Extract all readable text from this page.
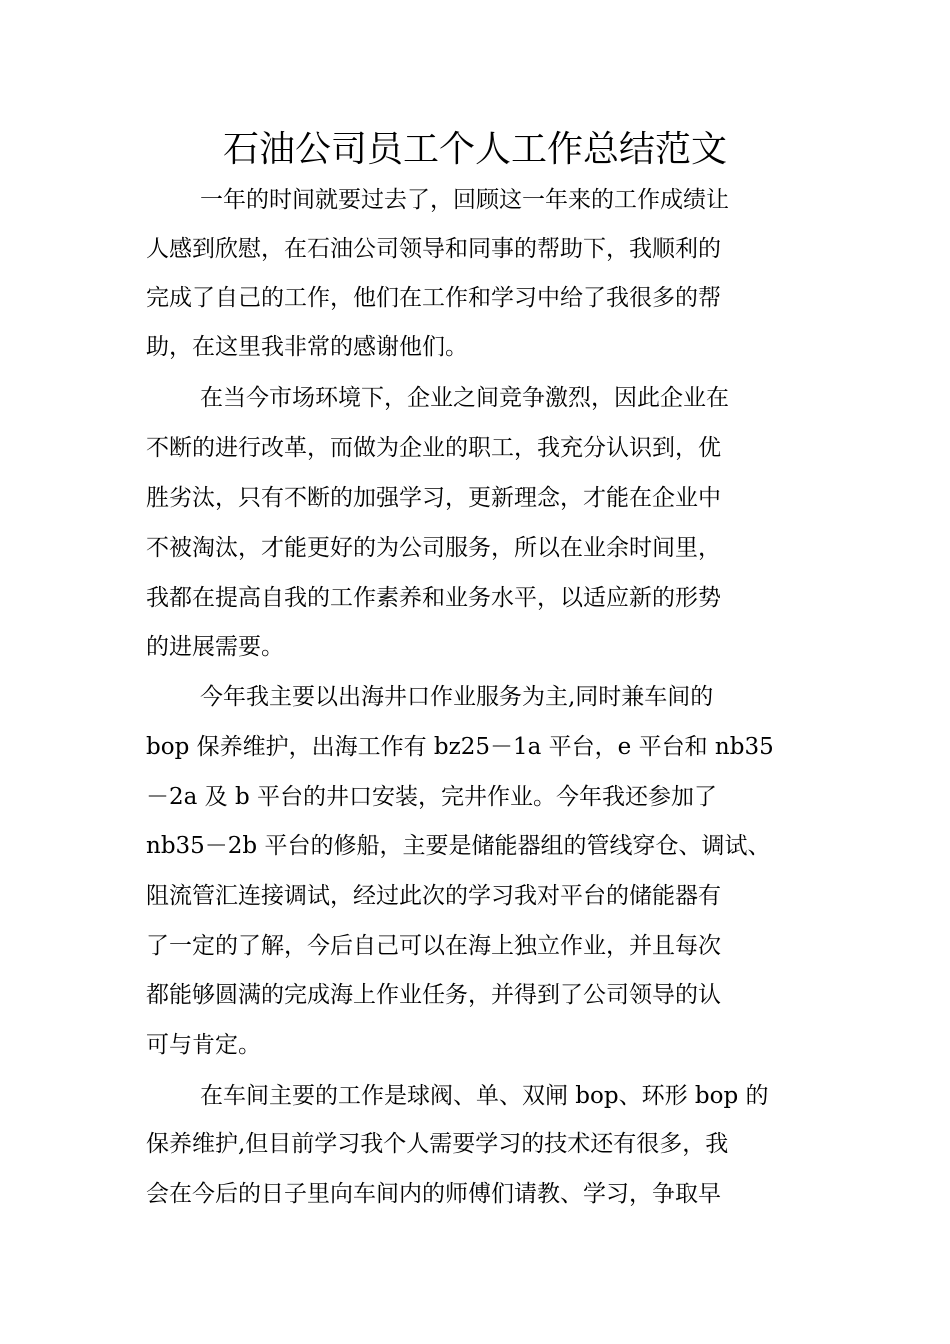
石油公司员工个人工作总结范文

一年的时间就要过去了，回顾这一年来的工作成绩让

人感到欣慰，在石油公司领导和同事的帮助下，我顺利的

完成了自己的工作，他们在工作和学习中给了我很多的帮

助，在这里我非常的感谢他们。

在当今市场环境下，企业之间竞争激烈，因此企业在

不断的进行改革，而做为企业的职工，我充分认识到，优

胜劣汰，只有不断的加强学习，更新理念，才能在企业中

不被淘汰，才能更好的为公司服务，所以在业余时间里，

我都在提高自我的工作素养和业务水平，以适应新的形势

的进展需要。

今年我主要以出海井口作业服务为主,同时兼车间的

bop 保养维护，出海工作有 bz25－1a 平台，e 平台和 nb35

－2a 及 b 平台的井口安装，完井作业。今年我还参加了

nb35－2b 平台的修船，主要是储能器组的管线穿仓、调试、

阻流管汇连接调试，经过此次的学习我对平台的储能器有

了一定的了解，今后自己可以在海上独立作业，并且每次

都能够圆满的完成海上作业任务，并得到了公司领导的认

可与肯定。

在车间主要的工作是球阀、单、双闸 bop、环形 bop 的

保养维护,但目前学习我个人需要学习的技术还有很多，我

会在今后的日子里向车间内的师傅们请教、学习，争取早
